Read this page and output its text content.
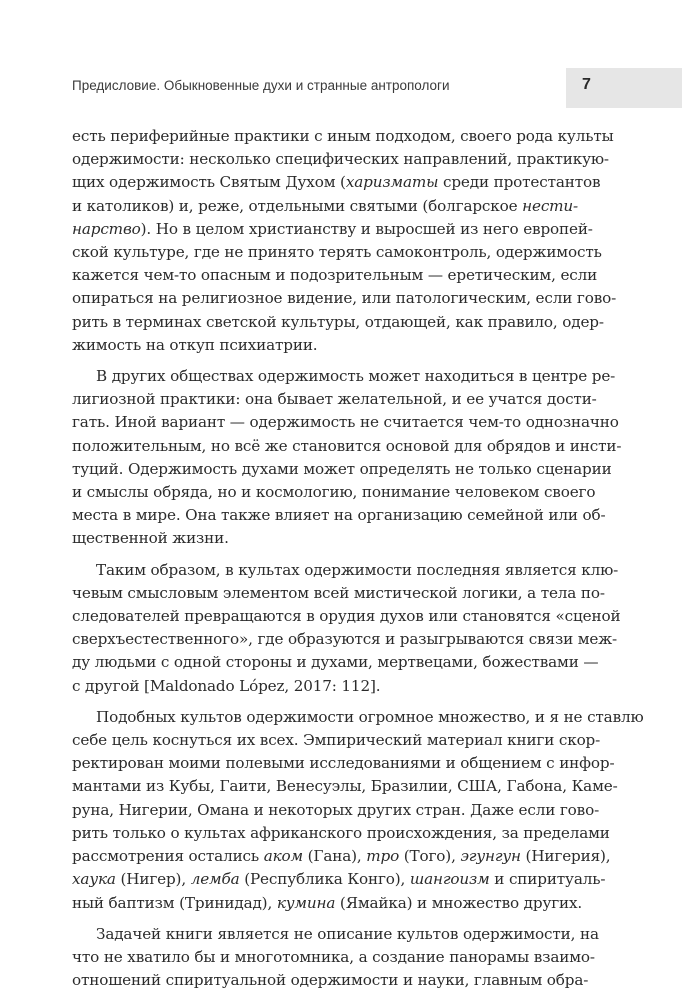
Предисловие. Обыкновенные духи и странные антропологи	7

есть периферийные практики с иным подходом, своего рода культы
одержимости: несколько специфических направлений, практикую-
щих одержимость Святым Духом (харизматы среди протестантов
и католиков) и, реже, отдельными святыми (болгарское нести-
нарство). Но в целом христианству и выросшей из него европей-
ской культуре, где не принято терять самоконтроль, одержимость
кажется чем-то опасным и подозрительным — еретическим, если
опираться на религиозное видение, или патологическим, если гово-
рить в терминах светской культуры, отдающей, как правило, одер-
жимость на откуп психиатрии.

В других обществах одержимость может находиться в центре ре-
лигиозной практики: она бывает желательной, и ее учатся дости-
гать. Иной вариант — одержимость не считается чем-то однозначно
положительным, но всё же становится основой для обрядов и инсти-
туций. Одержимость духами может определять не только сценарии
и смыслы обряда, но и космологию, понимание человеком своего
места в мире. Она также влияет на организацию семейной или об-
щественной жизни.

Таким образом, в культах одержимости последняя является клю-
чевым смысловым элементом всей мистической логики, а тела по-
следователей превращаются в орудия духов или становятся «сценой
сверхъестественного», где образуются и разыгрываются связи меж-
ду людьми с одной стороны и духами, мертвецами, божествами —
с другой [Maldonado López, 2017: 112].

Подобных культов одержимости огромное множество, и я не ставлю
себе цель коснуться их всех. Эмпирический материал книги скор-
ректирован моими полевыми исследованиями и общением с инфор-
мантами из Кубы, Гаити, Венесуэлы, Бразилии, США, Габона, Каме-
руна, Нигерии, Омана и некоторых других стран. Даже если гово-
рить только о культах африканского происхождения, за пределами
рассмотрения остались аком (Гана), тро (Того), эгунгун (Нигерия),
хаука (Нигер), лемба (Республика Конго), шангоизм и спиритуаль-
ный баптизм (Тринидад), кумина (Ямайка) и множество других.

Задачей книги является не описание культов одержимости, на
что не хватило бы и многотомника, а создание панорамы взаимо-
отношений спиритуальной одержимости и науки, главным обра-
